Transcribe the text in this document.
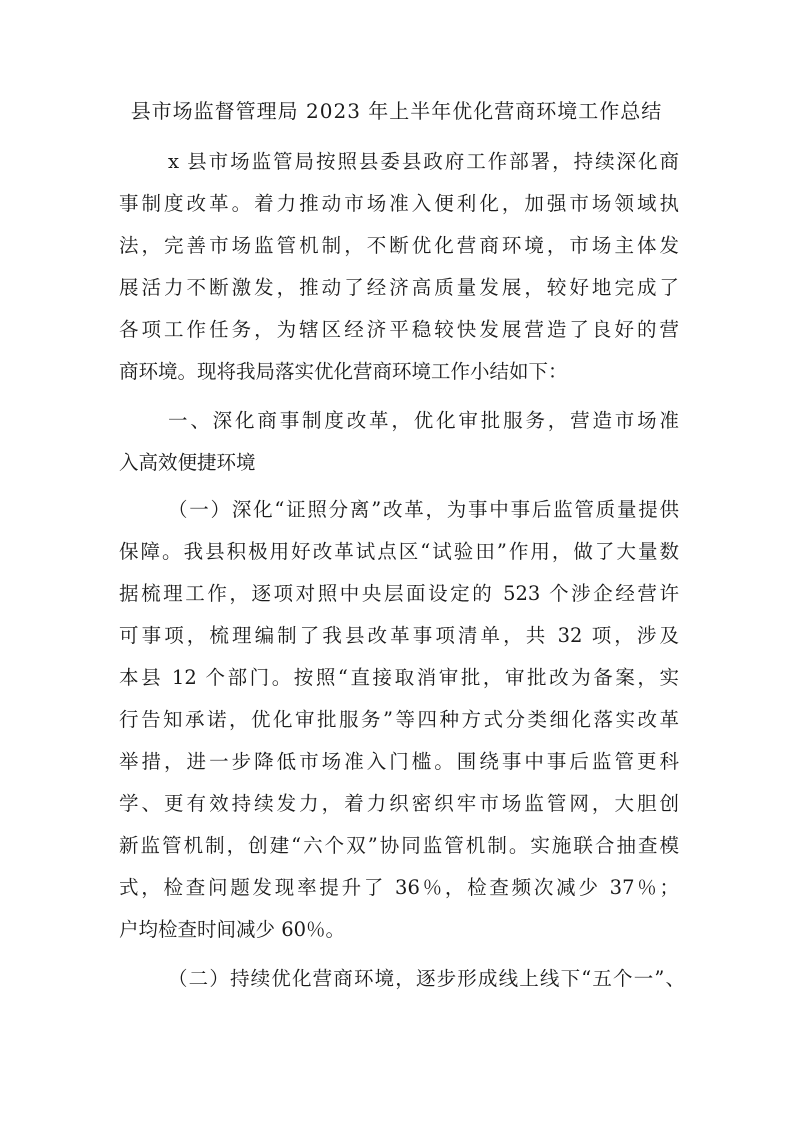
县市场监督管理局 2023 年上半年优化营商环境工作总结
x 县市场监管局按照县委县政府工作部署，持续深化商
事制度改革。着力推动市场准入便利化，加强市场领域执
法，完善市场监管机制，不断优化营商环境，市场主体发
展活力不断激发，推动了经济高质量发展，较好地完成了
各项工作任务，为辖区经济平稳较快发展营造了良好的营
商环境。现将我局落实优化营商环境工作小结如下：
一、深化商事制度改革，优化审批服务，营造市场准
入高效便捷环境
（一）深化“证照分离”改革，为事中事后监管质量提供
保障。我县积极用好改革试点区“试验田”作用，做了大量数
据梳理工作，逐项对照中央层面设定的 523 个涉企经营许
可事项，梳理编制了我县改革事项清单，共 32 项，涉及
本县 12 个部门。按照“直接取消审批，审批改为备案，实
行告知承诺，优化审批服务”等四种方式分类细化落实改革
举措，进一步降低市场准入门槛。围绕事中事后监管更科
学、更有效持续发力，着力织密织牢市场监管网，大胆创
新监管机制，创建“六个双”协同监管机制。实施联合抽查模
式，检查问题发现率提升了 36％，检查频次减少 37％；
户均检查时间减少 60％。
（二）持续优化营商环境，逐步形成线上线下“五个一”、
